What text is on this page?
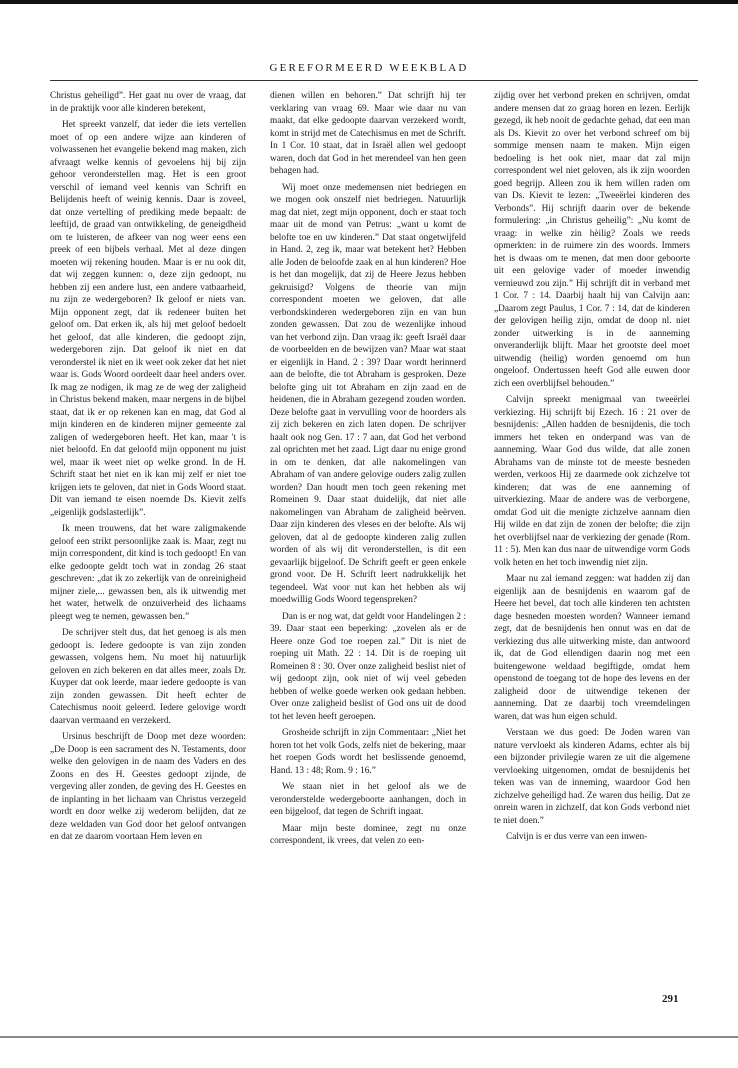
GEREFORMEERD WEEKBLAD

Christus geheiligd”. Het gaat nu over de vraag, dat in de praktijk voor alle kinderen betekent,

Het spreekt vanzelf, dat ieder die iets vertellen moet of op een andere wijze aan kinderen of volwassenen het evangelie bekend mag maken, zich afvraagt welke kennis of gevoelens hij bij zijn gehoor veronderstellen mag. Het is een groot verschil of iemand veel kennis van Schrift en Belijdenis heeft of weinig kennis. Daar is zoveel, dat onze vertelling of prediking mede bepaalt: de leeftijd, de graad van ontwikkeling, de geneigdheid om te luisteren, de afkeer van nog weer eens een preek of een bijbels verhaal. Met al deze dingen moeten wij rekening houden. Maar is er nu ook dit, dat wij zeggen kunnen: o, deze zijn gedoopt, nu hebben zij een andere lust, een andere vatbaarheid, nu zijn ze wedergeboren? Ik geloof er niets van. Mijn opponent zegt, dat ik redeneer buiten het geloof om. Dat erken ik, als hij met geloof bedoelt het geloof, dat alle kinderen, die gedoopt zijn, wedergeboren zijn. Dat geloof ik niet en dat veronderstel ik niet en ik weet ook zeker dat het niet waar is. Gods Woord oordeelt daar heel anders over. Ik mag ze nodigen, ik mag ze de weg der zaligheid in Christus bekend maken, maar nergens in de bijbel staat, dat ik er op rekenen kan en mag, dat God al mijn kinderen en de kinderen mijner gemeente zal zaligen of wedergeboren heeft. Het kan, maar 't is niet beloofd. En dat geloofd mijn opponent nu juist wel, maar ik weet niet op welke grond. In de H. Schrift staat het niet en ik kan mij zelf er niet toe krijgen iets te geloven, dat niet in Gods Woord staat. Dit van iemand te eisen noemde Ds. Kievit zelfs „eigenlijk godslasterlijk”.

Ik meen trouwens, dat het ware zaligmakende geloof een strikt persoonlijke zaak is. Maar, zegt nu mijn correspondent, dit kind is toch gedoopt! En van elke gedoopte geldt toch wat in zondag 26 staat geschreven: „dat ik zo zekerlijk van de onreinigheid mijner ziele,... gewassen ben, als ik uitwendig met het water, hetwelk de onzuiverheid des lichaams pleegt weg te nemen, gewassen ben.”

De schrijver stelt dus, dat het genoeg is als men gedoopt is. Iedere gedoopte is van zijn zonden gewassen, volgens hem. Nu moet hij natuurlijk geloven en zich bekeren en dat alles meer, zoals Dr. Kuyper dat ook leerde, maar iedere gedoopte is van zijn zonden gewassen. Dit heeft echter de Catechismus nooit geleerd. Iedere gelovige wordt daarvan vermaand en verzekerd.

Ursinus beschrijft de Doop met deze woorden: „De Doop is een sacrament des N. Testaments, door welke den gelovigen in de naam des Vaders en des Zoons en des H. Geestes gedoopt zijnde, de vergeving aller zonden, de geving des H. Geestes en de inplanting in het lichaam van Christus verzegeld wordt en door welke zij wederom belijden, dat ze deze weldaden van God door het geloof ontvangen en dat ze daarom voortaan Hem leven en

dienen willen en behoren.” Dat schrijft hij ter verklaring van vraag 69. Maar wie daar nu van maakt, dat elke gedoopte daarvan verzekerd wordt, komt in strijd met de Catechismus en met de Schrift. In 1 Cor. 10 staat, dat in Israël allen wel gedoopt waren, doch dat God in het merendeel van hen geen behagen had.

Wij moet onze medemensen niet bedriegen en we mogen ook onszelf niet bedriegen. Natuurlijk mag dat niet, zegt mijn opponent, doch er staat toch maar uit de mond van Petrus: „want u komt de belofte toe en uw kinderen.” Dat staat ongetwijfeld in Hand. 2, zeg ik, maar wat betekent het? Hebben alle Joden de beloofde zaak en al hun kinderen? Hoe is het dan mogelijk, dat zij de Heere Jezus hebben gekruisigd? Volgens de theorie van mijn correspondent moeten we geloven, dat alle verbondskinderen wedergeboren zijn en van hun zonden gewassen. Dat zou de wezenlijke inhoud van het verbond zijn. Dan vraag ik: geeft Israël daar de voorbeelden en de bewijzen van? Maar wat staat er eigenlijk in Hand. 2 : 39? Daar wordt herinnerd aan de belofte, die tot Abraham is gesproken. Deze belofte ging uit tot Abraham en zijn zaad en de heidenen, die in Abraham gezegend zouden worden. Deze belofte gaat in vervulling voor de hoorders als zij zich bekeren en zich laten dopen. De schrijver haalt ook nog Gen. 17 : 7 aan, dat God het verbond zal oprichten met het zaad. Ligt daar nu enige grond in om te denken, dat alle nakomelingen van Abraham of van andere gelovige ouders zalig zullen worden? Dan houdt men toch geen rekening met Romeinen 9. Daar staat duidelijk, dat niet alle nakomelingen van Abraham de zaligheid beërven. Daar zijn kinderen des vleses en der belofte. Als wij geloven, dat al de gedoopte kinderen zalig zullen worden of als wij dit veronderstellen, is dit een gevaarlijk bijgeloof. De Schrift geeft er geen enkele grond voor. De H. Schrift leert nadrukkelijk het tegendeel. Wat voor nut kan het hebben als wij moedwillig Gods Woord tegenspreken?

Dan is er nog wat, dat geldt voor Handelingen 2 : 39. Daar staat een beperking: „zovelen als er de Heere onze God toe roepen zal.” Dit is niet de roeping uit Math. 22 : 14. Dit is de roeping uit Romeinen 8 : 30. Over onze zaligheid beslist niet of wij gedoopt zijn, ook niet of wij veel gebeden hebben of welke goede werken ook gedaan hebben. Over onze zaligheid beslist of God ons uit de dood tot het leven heeft geroepen.

Grosheide schrijft in zijn Commentaar: „Niet het horen tot het volk Gods, zelfs niet de bekering, maar het roepen Gods wordt het beslissende genoemd, Hand. 13 : 48; Rom. 9 : 16.”

We staan niet in het geloof als we de veronderstelde wedergeboorte aanhangen, doch in een bijgeloof, dat tegen de Schrift ingaat.

Maar mijn beste dominee, zegt nu onze correspondent, ik vrees, dat velen zo een-

zijdig over het verbond preken en schrijven, omdat andere mensen dat zo graag horen en lezen. Eerlijk gezegd, ik heb nooit de gedachte gehad, dat een man als Ds. Kievit zo over het verbond schreef om bij sommige mensen naam te maken. Mijn eigen bedoeling is het ook niet, maar dat zal mijn correspondent wel niet geloven, als ik zijn woorden goed begrijp. Alleen zou ik hem willen raden om van Ds. Kievit te lezen: „Tweeërlei kinderen des Verbonds”. Hij schrijft daarin over de bekende formulering: „in Christus geheilig”: „Nu komt de vraag: in welke zin hèilig? Zoals we reeds opmerkten: in de ruimere zin des woords. Immers het is dwaas om te menen, dat men door geboorte uit een gelovige vader of moeder inwendig vernieuwd zou zijn.” Hij schrijft dit in verband met 1 Cor. 7 : 14. Daarbij haalt hij van Calvijn aan: „Daarom zegt Paulus, 1 Cor. 7 : 14, dat de kinderen der gelovigen heilig zijn, omdat de doop nl. niet zonder uitwerking is in de aanneming onveranderlijk blijft. Maar het grootste deel moet uitwendig (heilig) worden genoemd om hun ongeloof. Ondertussen heeft God alle euwen door zich een overblijfsel behouden.”

Calvijn spreekt menigmaal van tweeërlei verkiezing. Hij schrijft bij Ezech. 16 : 21 over de besnijdenis: „Allen hadden de besnijdenis, die toch immers het teken en onderpand was van de aanneming. Waar God dus wilde, dat alle zonen Abrahams van de minste tot de meeste besneden werden, verkoos Hij ze daarmede ook zichzelve tot kinderen; dat was de ene aanneming of uitverkiezing. Maar de andere was de verborgene, omdat God uit die menigte zichzelve aannam dien Hij wilde en dat zijn de zonen der belofte; die zijn het overblijfsel naar de verkiezing der genade (Rom. 11 : 5). Men kan dus naar de uitwendige vorm Gods volk heten en het toch inwendig niet zijn.

Maar nu zal iemand zeggen: wat hadden zij dan eigenlijk aan de besnijdenis en waarom gaf de Heere het bevel, dat toch alle kinderen ten achtsten dage besneden moesten worden? Wanneer iemand zegt, dat de besnijdenis hen onnut was en dat de verkiezing dus alle uitwerking miste, dan antwoord ik, dat de God ellendigen daarin nog met een buitengewone weldaad begiftigde, omdat hem openstond de toegang tot de hope des levens en der zaligheid door de uitwendige tekenen der aanneming. Dat ze daarbij toch vreemdelingen waren, dat was hun eigen schuld.

Verstaan we dus goed: De Joden waren van nature vervloekt als kinderen Adams, echter als bij een bijzonder privilegie waren ze uit die algemene vervloeking uitgenomen, omdat de besnijdenis het teken was van de inneming, waardoor God hen zichzelve geheiligd had. Ze waren dus heilig. Dat ze onrein waren in zichzelf, dat kon Gods verbond niet te niet doen.”

Calvijn is er dus verre van een inwen-

291
